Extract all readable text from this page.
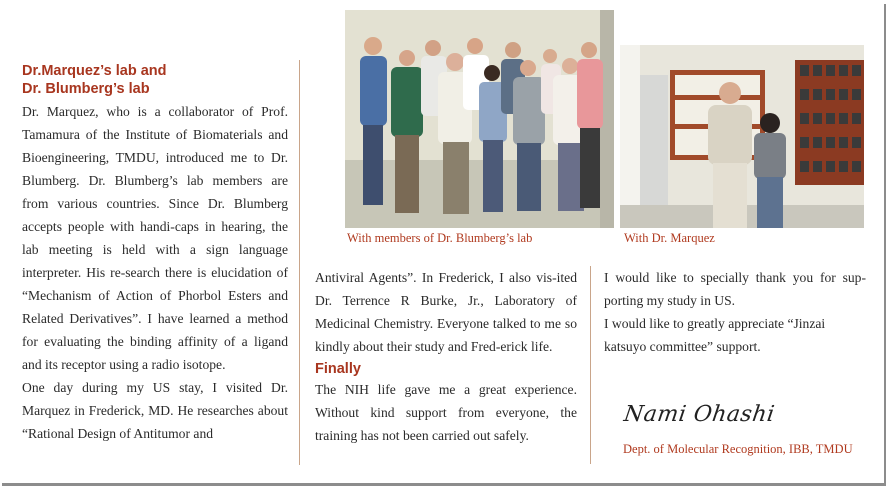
Dr.Marquez’s lab and
Dr. Blumberg’s lab

Dr. Marquez, who is a collaborator of Prof. Tamamura of the Institute of Biomaterials and Bioengineering, TMDU, introduced me to Dr. Blumberg. Dr. Blumberg’s lab members are from various countries. Since Dr. Blumberg accepts people with handi-caps in hearing, the lab meeting is held with a sign language interpreter. His re-search there is elucidation of “Mechanism of Action of Phorbol Esters and Related Derivatives”. I have learned a method for evaluating the binding affinity of a ligand and its receptor using a radio isotope.

One day during my US stay, I visited Dr. Marquez in Frederick, MD. He researches about “Rational Design of Antitumor and

With members of Dr. Blumberg’s lab	With Dr. Marquez

Antiviral Agents”. In Frederick, I also vis-ited Dr. Terrence R Burke, Jr., Laboratory of Medicinal Chemistry. Everyone talked to me so kindly about their study and Fred-erick life.

Finally

The NIH life gave me a great experience. Without kind support from everyone, the training has not been carried out safely.

I would like to specially thank you for sup-porting my study in US.

I would like to greatly appreciate “Jinzai katsuyo committee” support.

Nami Ohashi
Dept. of Molecular Recognition, IBB, TMDU
